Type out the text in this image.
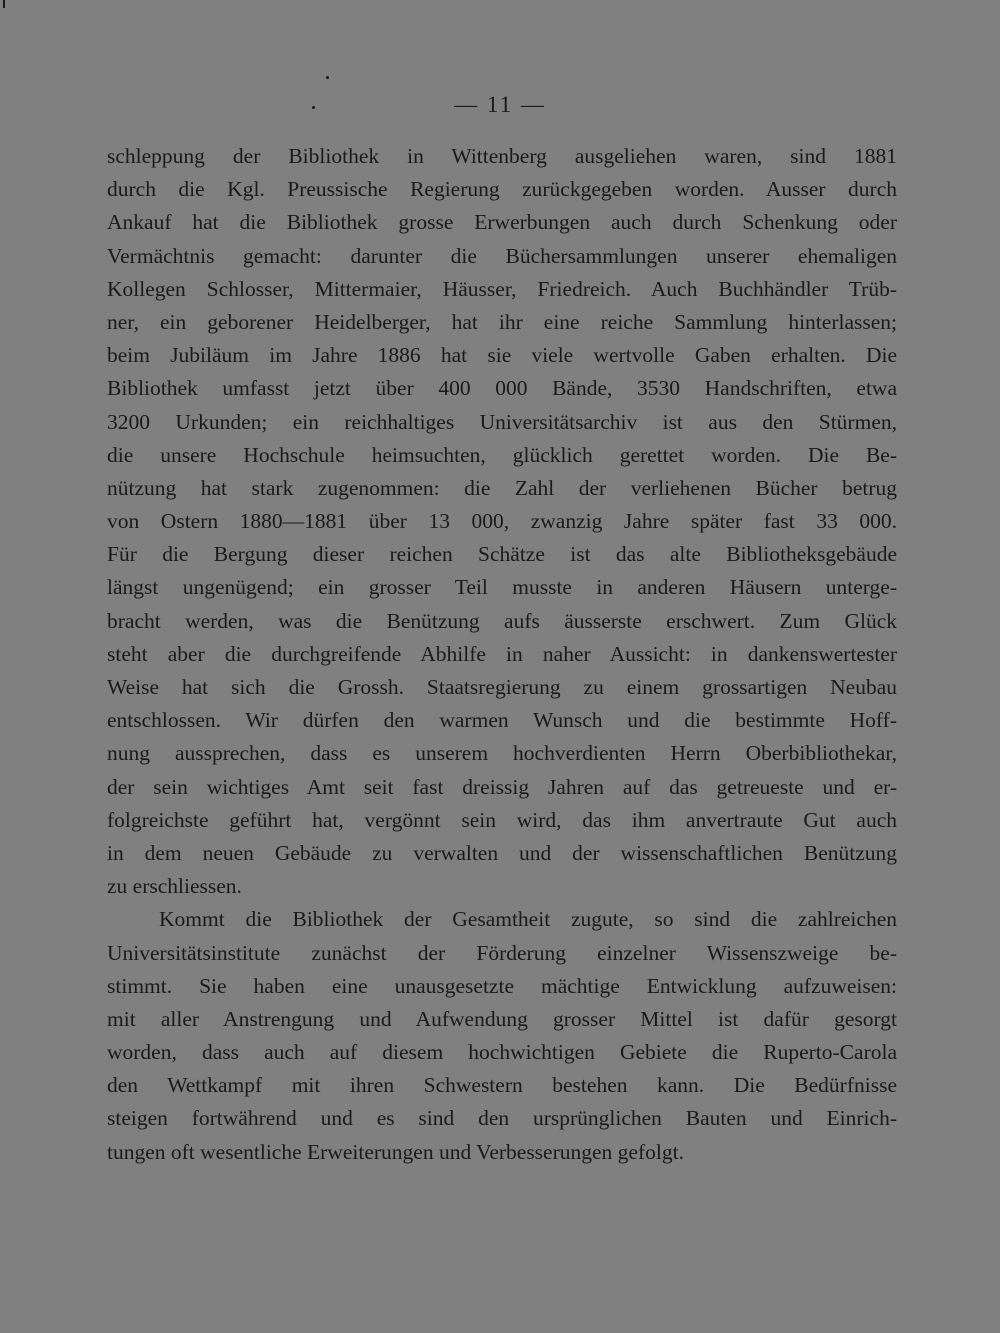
— 11 —
schleppung der Bibliothek in Wittenberg ausgeliehen waren, sind 1881
durch die Kgl. Preussische Regierung zurückgegeben worden. Ausser durch
Ankauf hat die Bibliothek grosse Erwerbungen auch durch Schenkung oder
Vermächtnis gemacht: darunter die Büchersammlungen unserer ehemaligen
Kollegen Schlosser, Mittermaier, Häusser, Friedreich. Auch Buchhändler Trüb-
ner, ein geborener Heidelberger, hat ihr eine reiche Sammlung hinterlassen;
beim Jubiläum im Jahre 1886 hat sie viele wertvolle Gaben erhalten. Die
Bibliothek umfasst jetzt über 400 000 Bände, 3530 Handschriften, etwa
3200 Urkunden; ein reichhaltiges Universitätsarchiv ist aus den Stürmen,
die unsere Hochschule heimsuchten, glücklich gerettet worden. Die Be-
nützung hat stark zugenommen: die Zahl der verliehenen Bücher betrug
von Ostern 1880—1881 über 13 000, zwanzig Jahre später fast 33 000.
Für die Bergung dieser reichen Schätze ist das alte Bibliotheksgebäude
längst ungenügend; ein grosser Teil musste in anderen Häusern unterge-
bracht werden, was die Benützung aufs äusserste erschwert. Zum Glück
steht aber die durchgreifende Abhilfe in naher Aussicht: in dankenswertester
Weise hat sich die Grossh. Staatsregierung zu einem grossartigen Neubau
entschlossen. Wir dürfen den warmen Wunsch und die bestimmte Hoff-
nung aussprechen, dass es unserem hochverdienten Herrn Oberbibliothekar,
der sein wichtiges Amt seit fast dreissig Jahren auf das getreueste und er-
folgreichste geführt hat, vergönnt sein wird, das ihm anvertraute Gut auch
in dem neuen Gebäude zu verwalten und der wissenschaftlichen Benützung
zu erschliessen.
Kommt die Bibliothek der Gesamtheit zugute, so sind die zahlreichen
Universitätsinstitute zunächst der Förderung einzelner Wissenszweige be-
stimmt. Sie haben eine unausgesetzte mächtige Entwicklung aufzuweisen:
mit aller Anstrengung und Aufwendung grosser Mittel ist dafür gesorgt
worden, dass auch auf diesem hochwichtigen Gebiete die Ruperto-Carola
den Wettkampf mit ihren Schwestern bestehen kann. Die Bedürfnisse
steigen fortwährend und es sind den ursprünglichen Bauten und Einrich-
tungen oft wesentliche Erweiterungen und Verbesserungen gefolgt.
